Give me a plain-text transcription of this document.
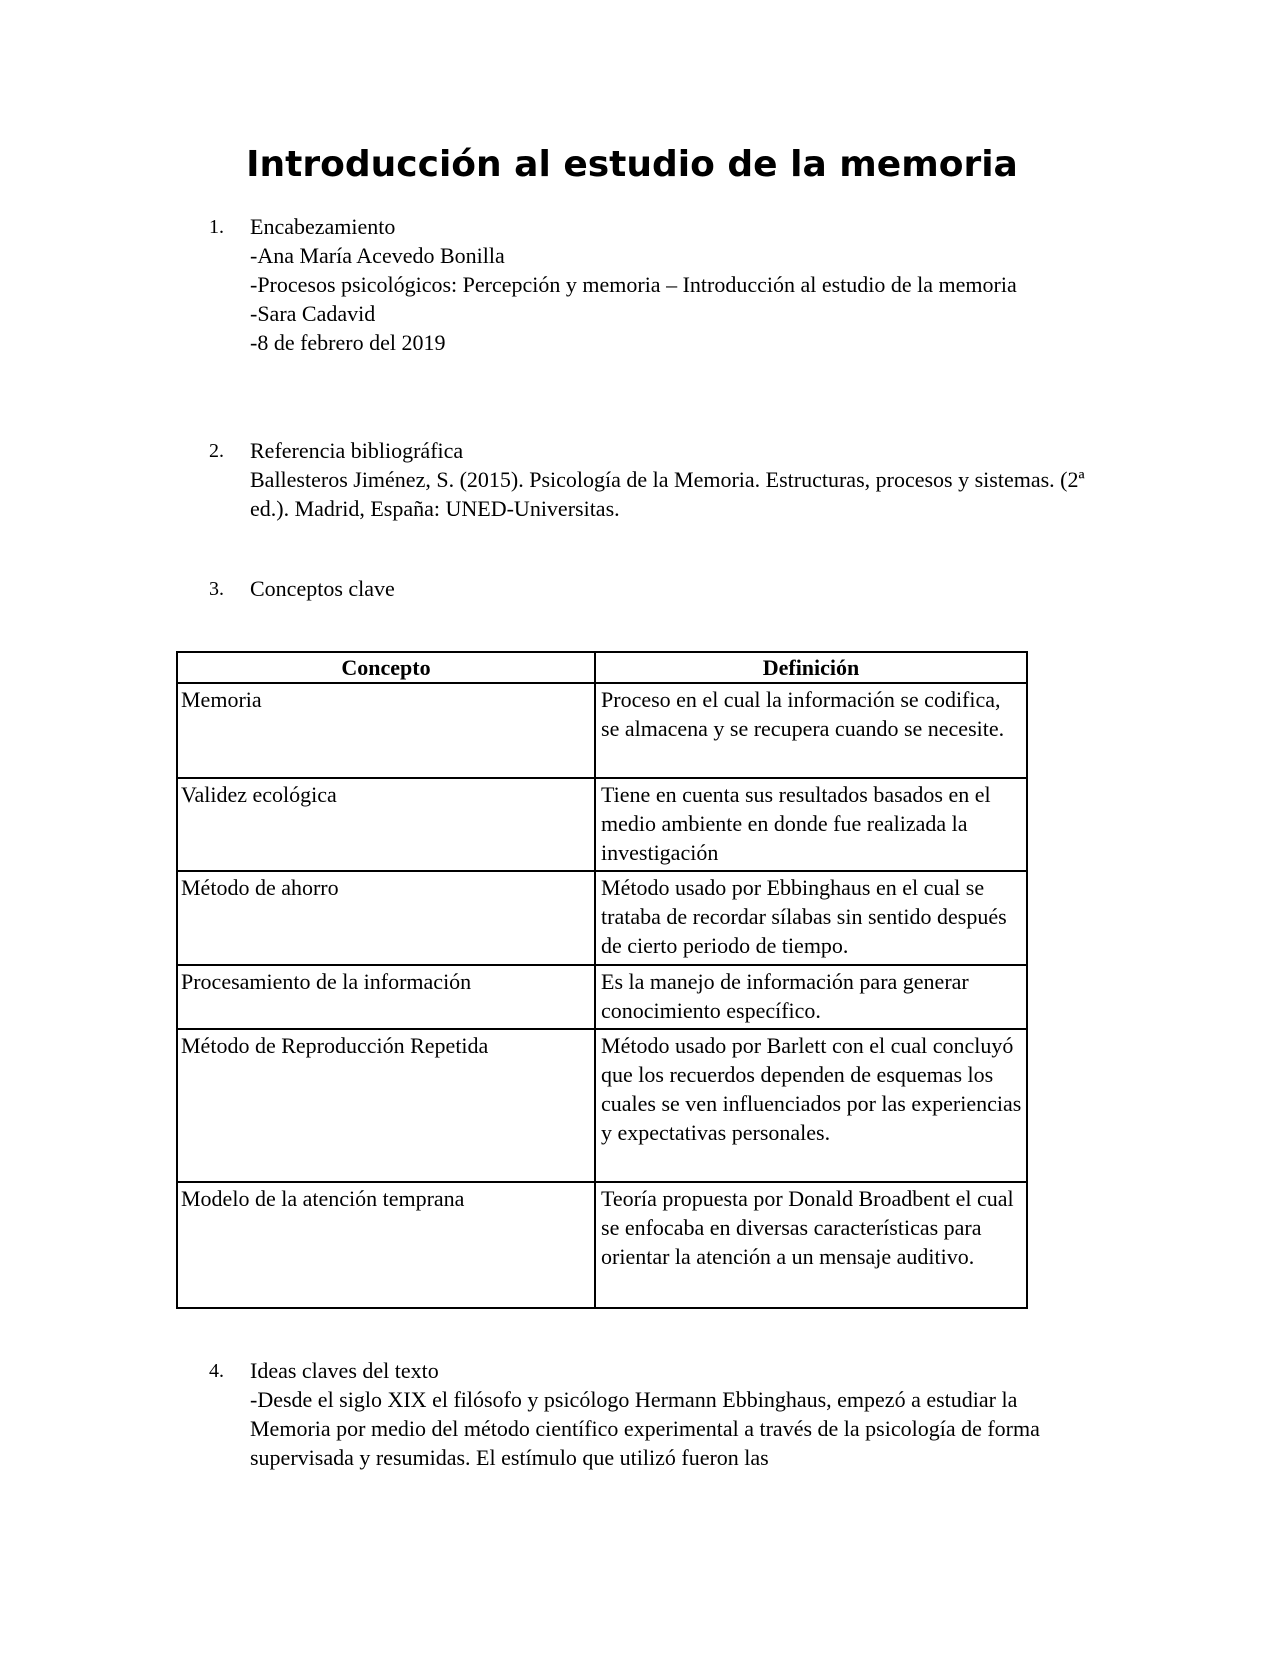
Introducción al estudio de la memoria
1. Encabezamiento
-Ana María Acevedo Bonilla
-Procesos psicológicos: Percepción y memoria – Introducción al estudio de la memoria
-Sara Cadavid
-8 de febrero del 2019
2. Referencia bibliográfica
Ballesteros Jiménez, S. (2015). Psicología de la Memoria. Estructuras, procesos y sistemas. (2ª ed.). Madrid, España: UNED-Universitas.
3. Conceptos clave
Concepto	Definición
Memoria	Proceso en el cual la información se codifica, se almacena y se recupera cuando se necesite.
Validez ecológica	Tiene en cuenta sus resultados basados en el medio ambiente en donde fue realizada la investigación
Método de ahorro	Método usado por Ebbinghaus en el cual se trataba de recordar sílabas sin sentido después de cierto periodo de tiempo.
Procesamiento de la información	Es la manejo de información para generar conocimiento específico.
Método de Reproducción Repetida	Método usado por Barlett con el cual concluyó que los recuerdos dependen de esquemas los cuales se ven influenciados por las experiencias y expectativas personales.
Modelo de la atención temprana	Teoría propuesta por Donald Broadbent el cual se enfocaba en diversas características para orientar la atención a un mensaje auditivo.
4. Ideas claves del texto
-Desde el siglo XIX el filósofo y psicólogo Hermann Ebbinghaus, empezó a estudiar la Memoria por medio del método científico experimental a través de la psicología de forma supervisada y resumidas. El estímulo que utilizó fueron las
